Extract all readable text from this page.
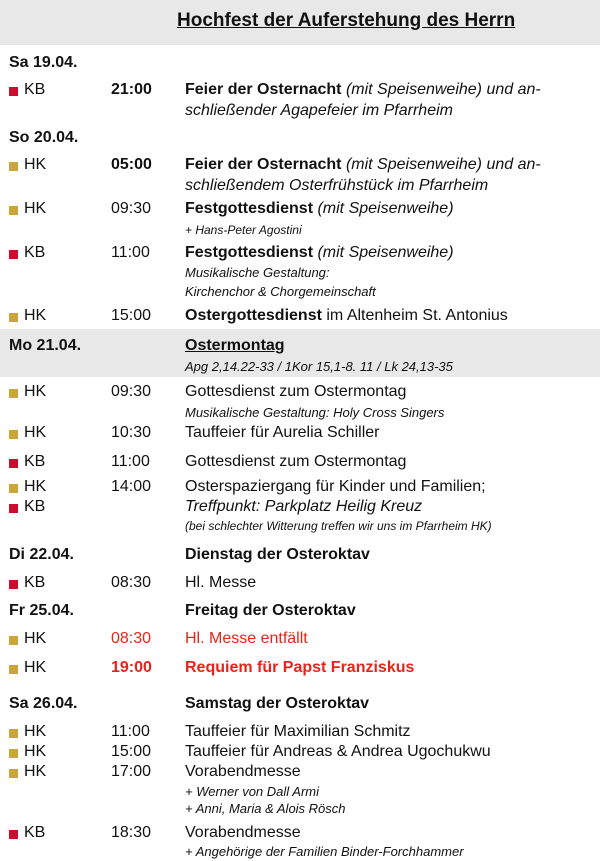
Hochfest der Auferstehung des Herrn
Sa 19.04.
KB	21:00 Feier der Osternacht (mit Speisenweihe) und an-
schließender Agapefeier im Pfarrheim
So 20.04.
HK	05:00 Feier der Osternacht (mit Speisenweihe) und an-
schließendem Osterfrühstück im Pfarrheim
HK	09:30 Festgottesdienst (mit Speisenweihe)
+ Hans-Peter Agostini
KB	11:00 Festgottesdienst (mit Speisenweihe)
Musikalische Gestaltung:
Kirchenchor & Chorgemeinschaft
HK	15:00 Ostergottesdienst im Altenheim St. Antonius
Mo 21.04.	Ostermontag
Apg 2,14.22-33 / 1Kor 15,1-8. 11 / Lk 24,13-35
HK	09:30 Gottesdienst zum Ostermontag
Musikalische Gestaltung: Holy Cross Singers
HK	10:30 Tauffeier für Aurelia Schiller
KB	11:00 Gottesdienst zum Ostermontag
HK	14:00 Osterspaziergang für Kinder und Familien;
KB	Treffpunkt: Parkplatz Heilig Kreuz
(bei schlechter Witterung treffen wir uns im Pfarrheim HK)
Di 22.04.	Dienstag der Osteroktav
KB	08:30 Hl. Messe
Fr 25.04.	Freitag der Osteroktav
HK	08:30 Hl. Messe entfällt
HK	19:00 Requiem für Papst Franziskus
Sa 26.04.	Samstag der Osteroktav
HK	11:00 Tauffeier für Maximilian Schmitz
HK	15:00 Tauffeier für Andreas & Andrea Ugochukwu
HK	17:00 Vorabendmesse
+ Werner von Dall Armi
+ Anni, Maria & Alois Rösch
KB	18:30 Vorabendmesse
+ Angehörige der Familien Binder-Forchhammer
